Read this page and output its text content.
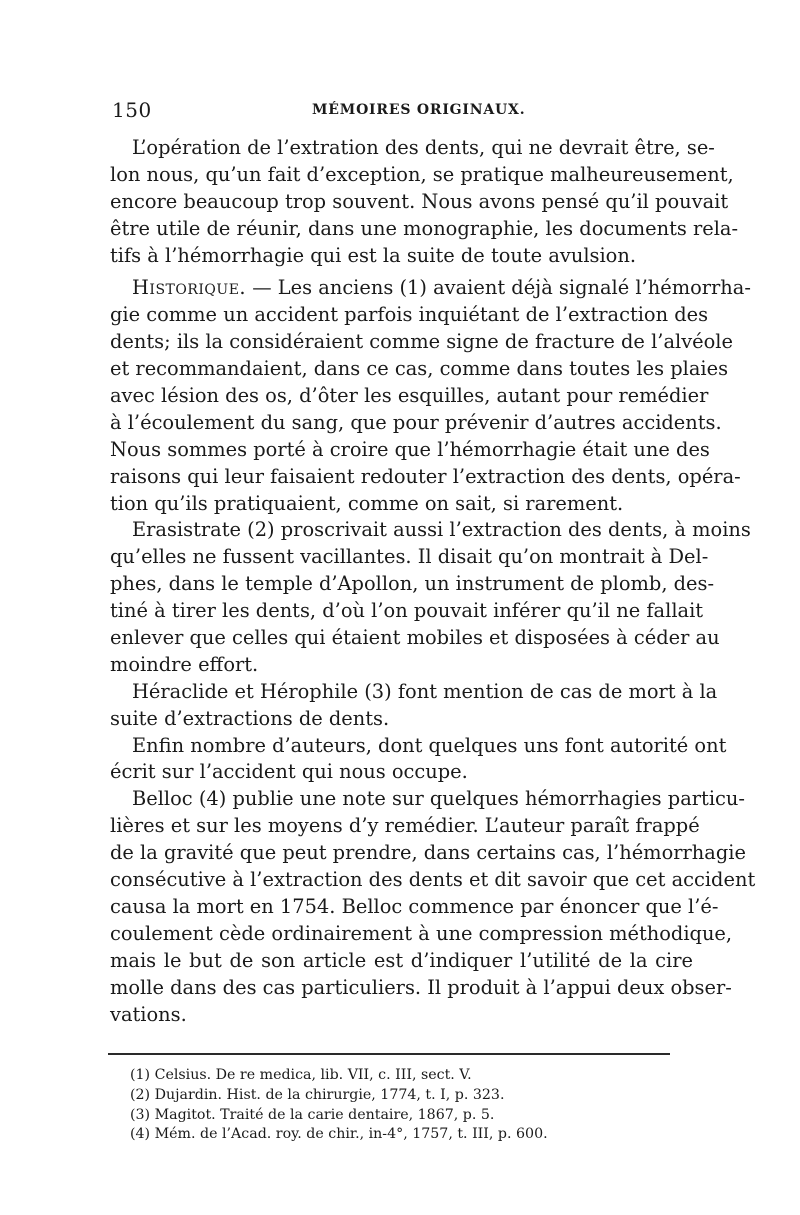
150	MÉMOIRES ORIGINAUX.
L’opération de l’extration des dents, qui ne devrait être, se-
lon nous, qu’un fait d’exception, se pratique malheureusement,
encore beaucoup trop souvent. Nous avons pensé qu’il pouvait
être utile de réunir, dans une monographie, les documents rela-
tifs à l’hémorrhagie qui est la suite de toute avulsion.
Historique. — Les anciens (1) avaient déjà signalé l’hémorrha-
gie comme un accident parfois inquiétant de l’extraction des
dents; ils la considéraient comme signe de fracture de l’alvéole
et recommandaient, dans ce cas, comme dans toutes les plaies
avec lésion des os, d’ôter les esquilles, autant pour remédier
à l’écoulement du sang, que pour prévenir d’autres accidents.
Nous sommes porté à croire que l’hémorrhagie était une des
raisons qui leur faisaient redouter l’extraction des dents, opéra-
tion qu’ils pratiquaient, comme on sait, si rarement.
Erasistrate (2) proscrivait aussi l’extraction des dents, à moins
qu’elles ne fussent vacillantes. Il disait qu’on montrait à Del-
phes, dans le temple d’Apollon, un instrument de plomb, des-
tiné à tirer les dents, d’où l’on pouvait inférer qu’il ne fallait
enlever que celles qui étaient mobiles et disposées à céder au
moindre effort.
Héraclide et Hérophile (3) font mention de cas de mort à la
suite d’extractions de dents.
Enfin nombre d’auteurs, dont quelques uns font autorité ont
écrit sur l’accident qui nous occupe.
Belloc (4) publie une note sur quelques hémorrhagies particu-
lières et sur les moyens d’y remédier. L’auteur paraît frappé
de la gravité que peut prendre, dans certains cas, l’hémorrhagie
consécutive à l’extraction des dents et dit savoir que cet accident
causa la mort en 1754. Belloc commence par énoncer que l’é-
coulement cède ordinairement à une compression méthodique,
mais le but de son article est d’indiquer l’utilité de la cire
molle dans des cas particuliers. Il produit à l’appui deux obser-
vations.
(1) Celsius. De re medica, lib. VII, c. III, sect. V.
(2) Dujardin. Hist. de la chirurgie, 1774, t. I, p. 323.
(3) Magitot. Traité de la carie dentaire, 1867, p. 5.
(4) Mém. de l’Acad. roy. de chir., in-4°, 1757, t. III, p. 600.
